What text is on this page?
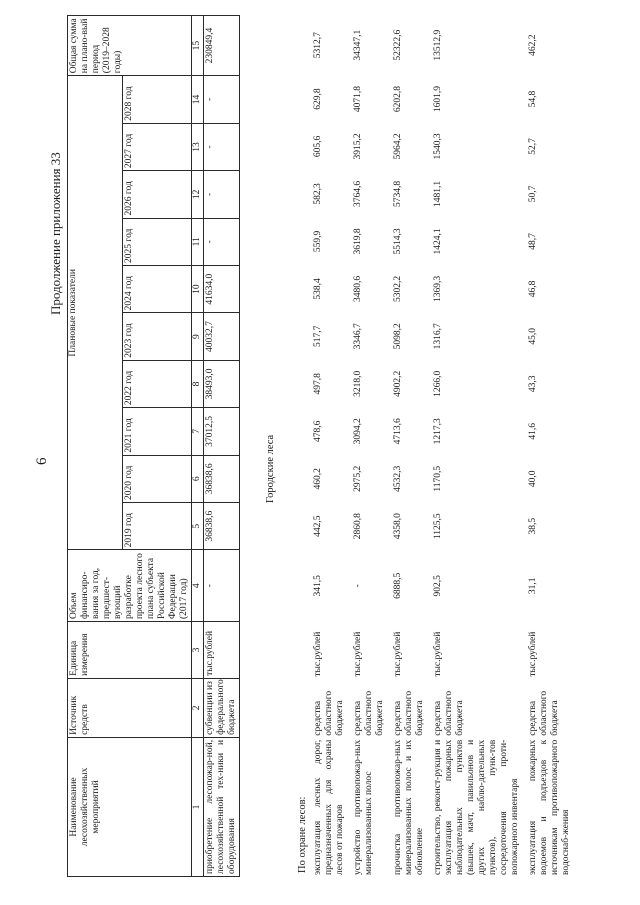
6
Продолжение приложения 33
Наименование лесохозяйственных мероприятий	Источник средств	Единица измерения	Объем финансиро-вания за год, предшест-вующий разработке проекта лесного плана субъекта Российской Федерации (2017 год)	Плановые показатели										Общая сумма на плано-вый период (2019–2028 годы)
				2019 год	2020 год	2021 год	2022 год	2023 год	2024 год	2025 год	2026 год	2027 год	2028 год	
1	2	3	4	5	6	7	8	9	10	11	12	13	14	15
приобретение лесопожар-ной, лесохозяйственной тех-ники и оборудования	субвенции из федерального бюджета	тыс.рублей	-	36838,6	36838,6	37012,5	38493,0	40032,7	41634,0	-	-	-	-	230849,4
Городские леса
По охране лесов: эксплуатация лесных дорог, предназначенных для охраны лесов от пожаров	средства областного бюджета	тыс.рублей	341,5	442,5	460,2	478,6	497,8	517,7	538,4	559,9	582,3	605,6	629,8	5312,7
устройство противопожар-ных минерализованных полос	средства областного бюджета	тыс.рублей	-	2860,8	2975,2	3094,2	3218,0	3346,7	3480,6	3619,8	3764,6	3915,2	4071,8	34347,1
прочистка противопожар-ных минерализованных полос и их обновление	средства областного бюджета	тыс.рублей	6888,5	4358,0	4532,3	4713,6	4902,2	5098,2	5302,2	5514,3	5734,8	5964,2	6202,8	52322,6
строительство, реконст-рукция и эксплуатация пожарных наблюдательных пунктов (вышек, мачт, павильонов и других наблю-дательных пунктов), пунк-тов сосредоточения проти-вопожарного инвентаря	средства областного бюджета	тыс.рублей	902,5	1125,5	1170,5	1217,3	1266,0	1316,7	1369,3	1424,1	1481,1	1540,3	1601,9	13512,9
эксплуатация пожарных водоемов и подъездов к источникам противопожарного водоснаб-жения	средства областного бюджета	тыс.рублей	31,1	38,5	40,0	41,6	43,3	45,0	46,8	48,7	50,7	52,7	54,8	462,2
